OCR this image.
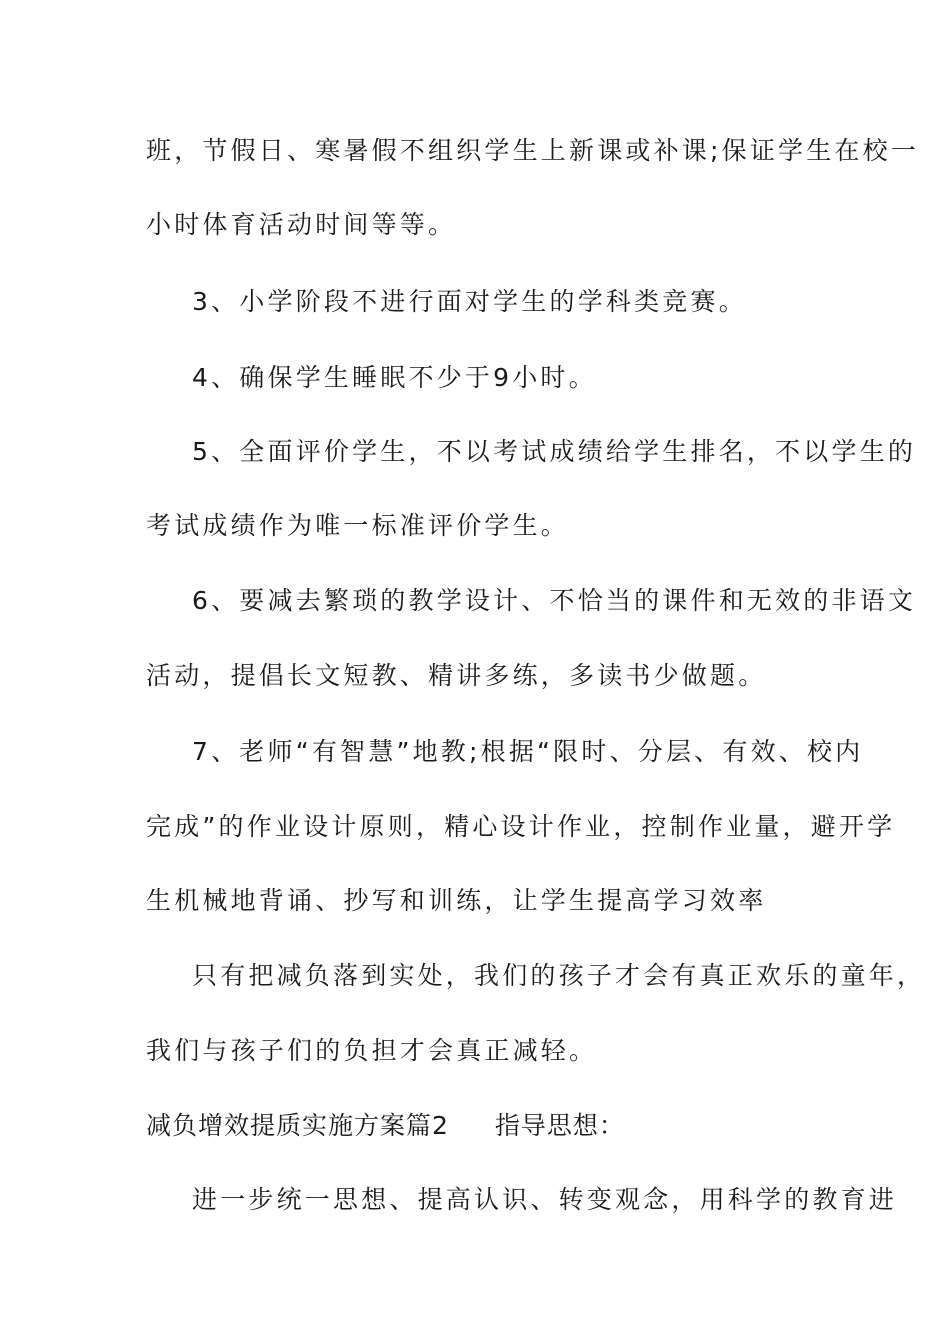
班，节假日、寒暑假不组织学生上新课或补课;保证学生在校一
小时体育活动时间等等。
3、小学阶段不进行面对学生的学科类竞赛。
4、确保学生睡眠不少于9小时。
5、全面评价学生，不以考试成绩给学生排名，不以学生的
考试成绩作为唯一标准评价学生。
6、要减去繁琐的教学设计、不恰当的课件和无效的非语文
活动，提倡长文短教、精讲多练，多读书少做题。
7、老师“有智慧”地教;根据“限时、分层、有效、校内
完成”的作业设计原则，精心设计作业，控制作业量，避开学
生机械地背诵、抄写和训练，让学生提高学习效率
只有把减负落到实处，我们的孩子才会有真正欢乐的童年，
我们与孩子们的负担才会真正减轻。
减负增效提质实施方案篇2 指导思想：
进一步统一思想、提高认识、转变观念，用科学的教育进
